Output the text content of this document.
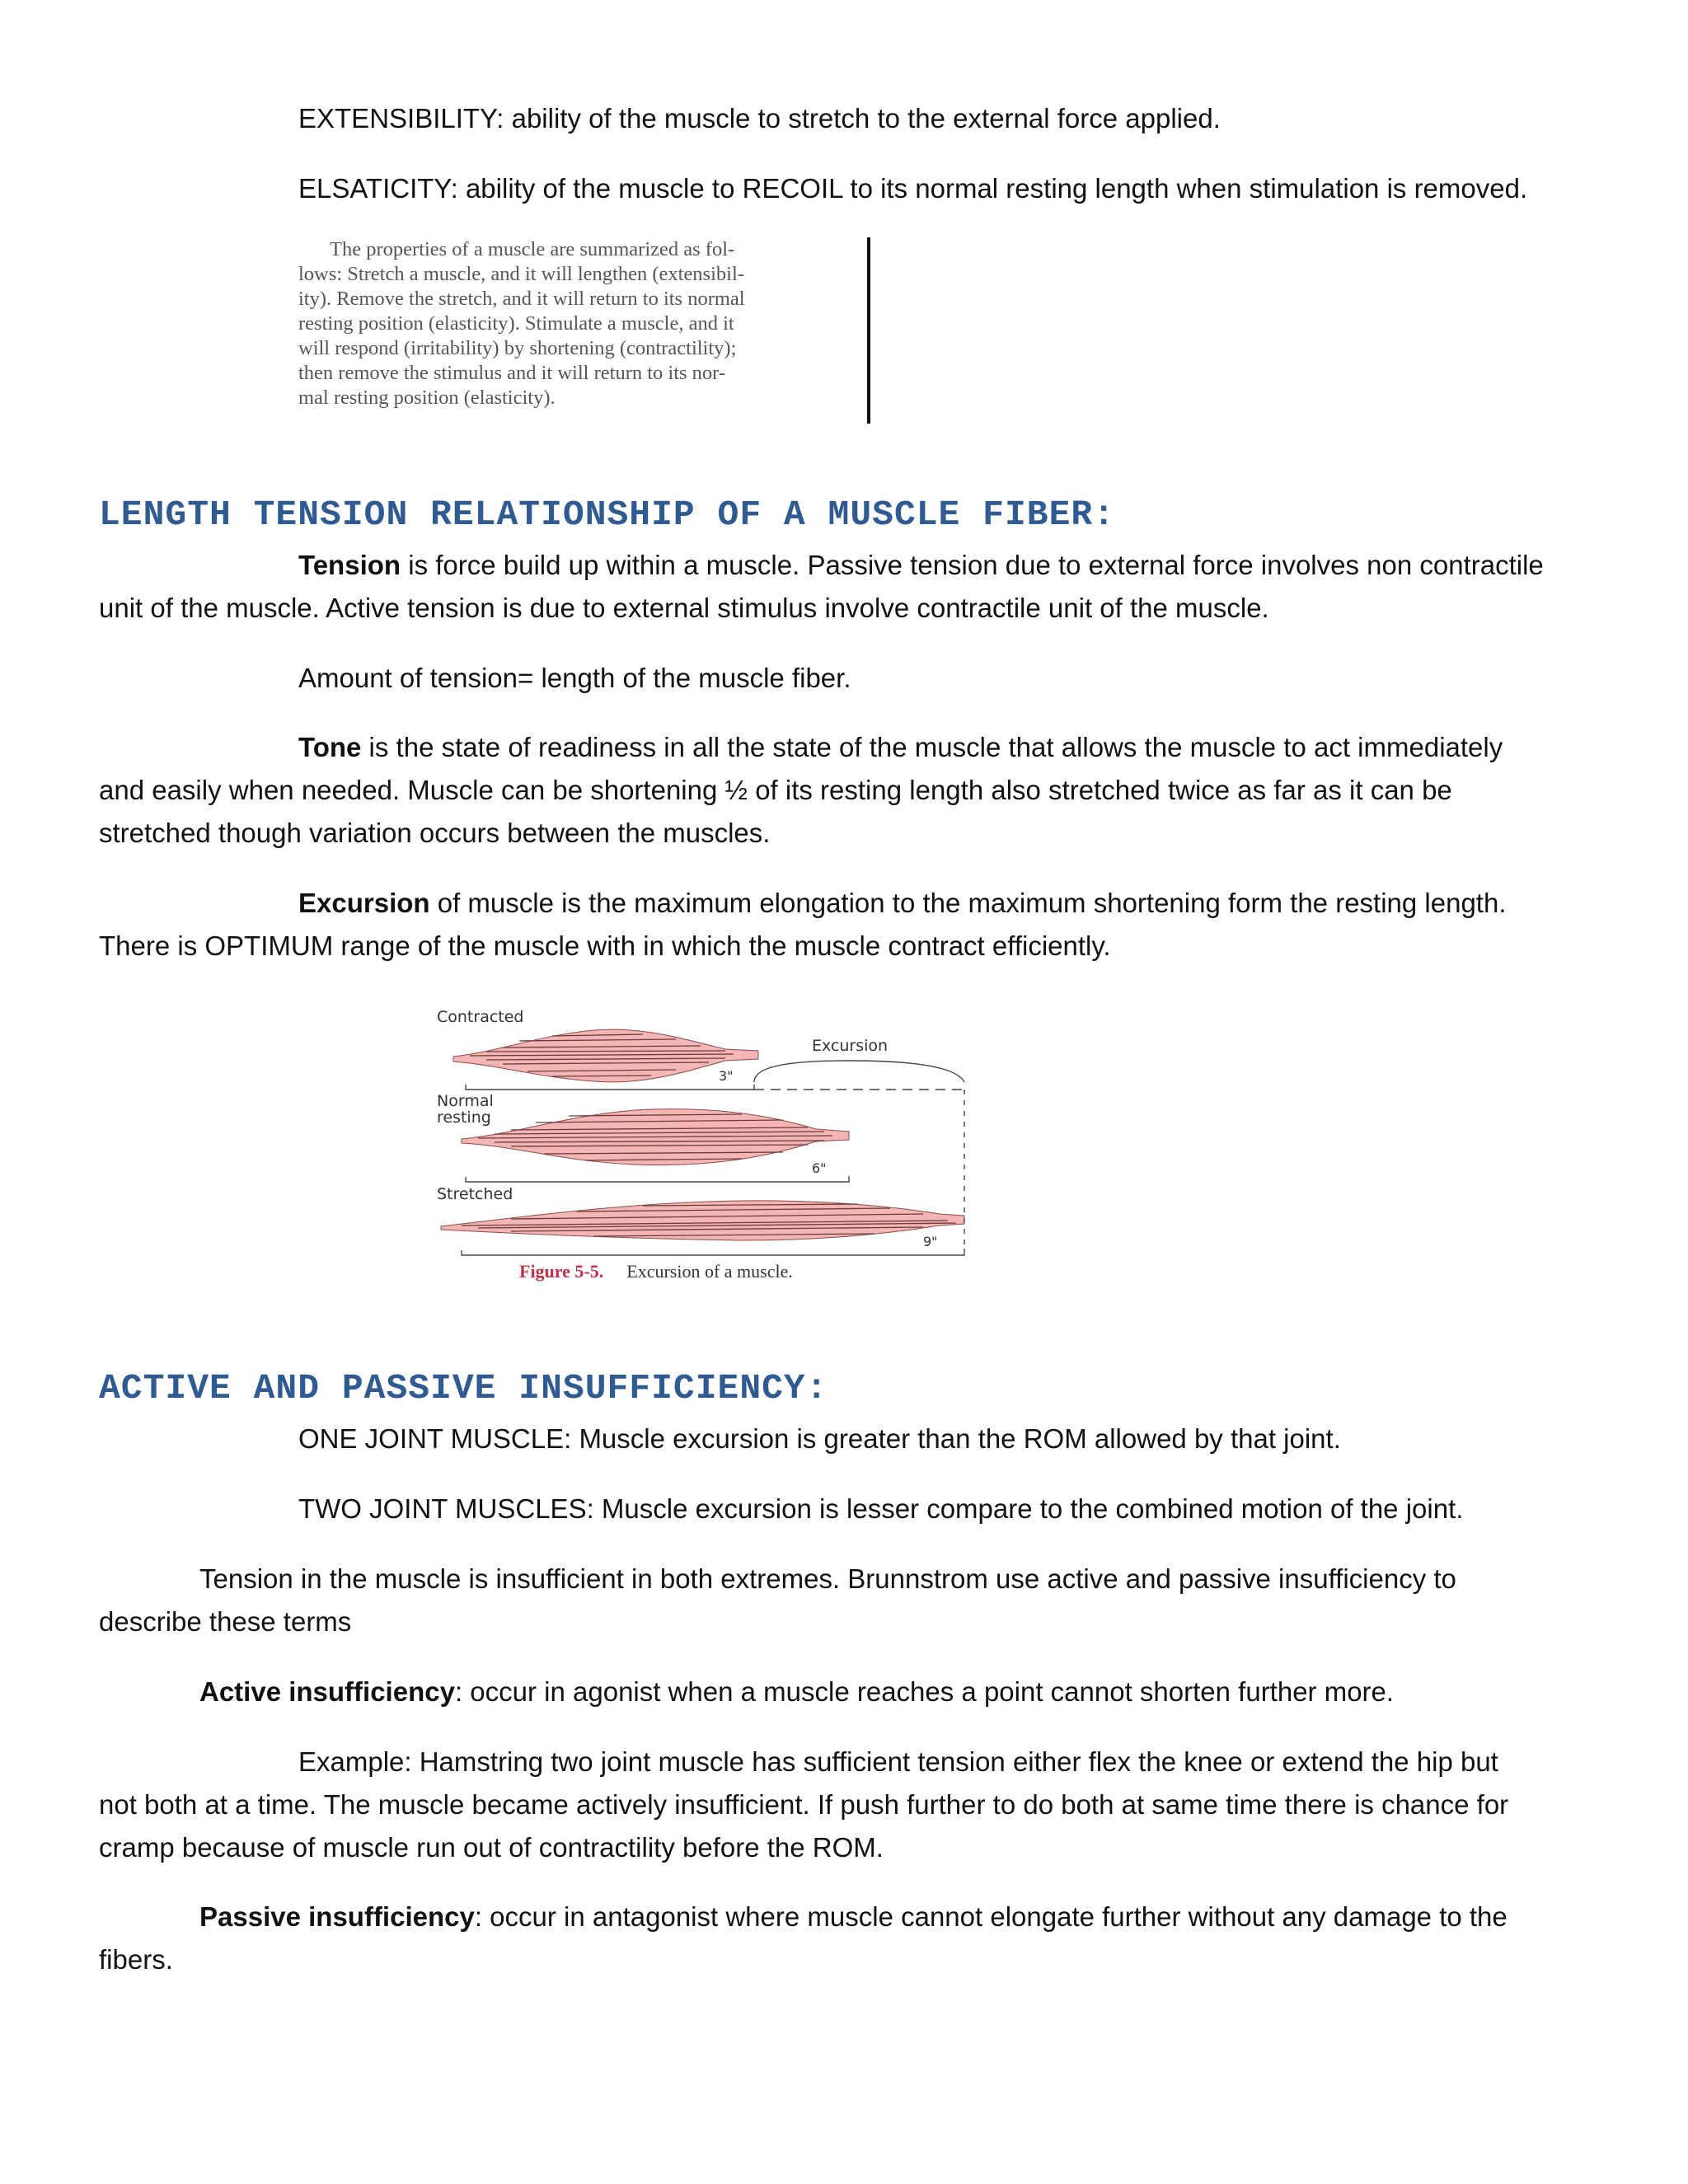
EXTENSIBILITY: ability of the muscle to stretch to the external force applied.
ELSATICITY: ability of the muscle to RECOIL to its normal resting length when stimulation is removed.
The properties of a muscle are summarized as fol-
lows: Stretch a muscle, and it will lengthen (extensibil-
ity). Remove the stretch, and it will return to its normal
resting position (elasticity). Stimulate a muscle, and it
will respond (irritability) by shortening (contractility);
then remove the stimulus and it will return to its nor-
mal resting position (elasticity).
LENGTH TENSION RELATIONSHIP OF A MUSCLE FIBER:
Tension is force build up within a muscle. Passive tension due to external force involves non contractile
unit of the muscle. Active tension is due to external stimulus involve contractile unit of the muscle.
Amount of tension= length of the muscle fiber.
Tone is the state of readiness in all the state of the muscle that allows the muscle to act immediately
and easily when needed. Muscle can be shortening ½ of its resting length also stretched twice as far as it can be
stretched though variation occurs between the muscles.
Excursion of muscle is the maximum elongation to the maximum shortening form the resting length.
There is OPTIMUM range of the muscle with in which the muscle contract efficiently.
Contracted
Excursion
3"
Normal
resting
6"
Stretched
9"
Figure 5-5. Excursion of a muscle.
ACTIVE AND PASSIVE INSUFFICIENCY:
ONE JOINT MUSCLE: Muscle excursion is greater than the ROM allowed by that joint.
TWO JOINT MUSCLES: Muscle excursion is lesser compare to the combined motion of the joint.
Tension in the muscle is insufficient in both extremes. Brunnstrom use active and passive insufficiency to
describe these terms
Active insufficiency: occur in agonist when a muscle reaches a point cannot shorten further more.
Example: Hamstring two joint muscle has sufficient tension either flex the knee or extend the hip but
not both at a time. The muscle became actively insufficient. If push further to do both at same time there is chance for
cramp because of muscle run out of contractility before the ROM.
Passive insufficiency: occur in antagonist where muscle cannot elongate further without any damage to the
fibers.
